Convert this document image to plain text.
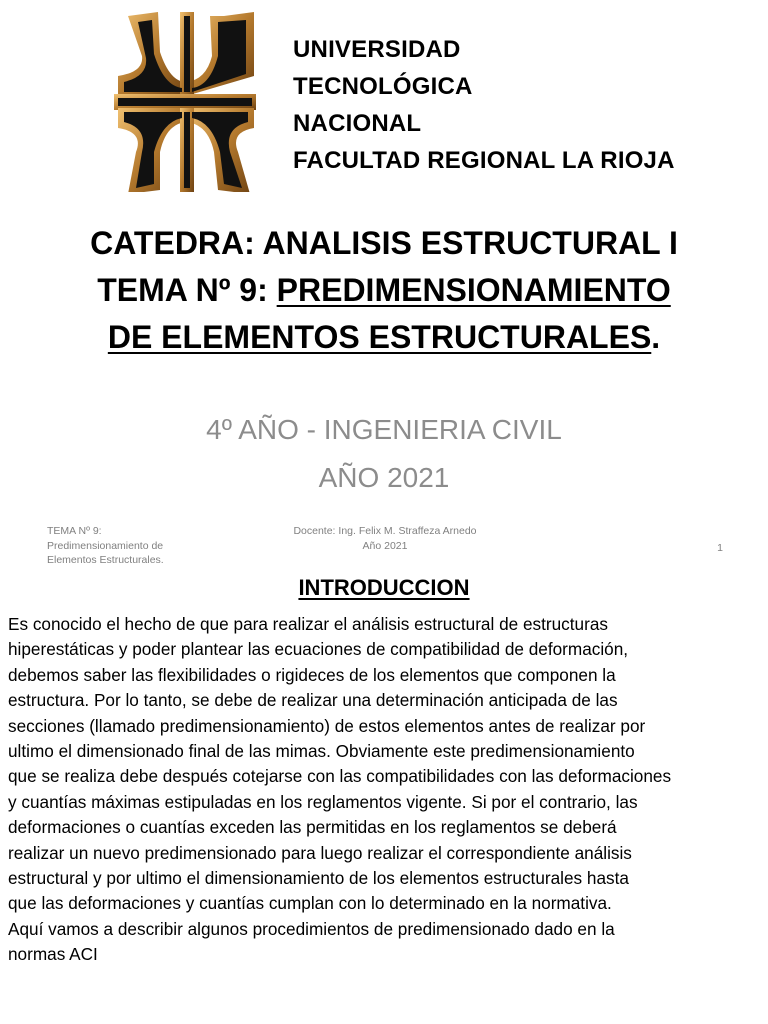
UNIVERSIDAD
TECNOLÓGICA
NACIONAL
FACULTAD REGIONAL LA RIOJA
CATEDRA: ANALISIS ESTRUCTURAL I
TEMA Nº 9: PREDIMENSIONAMIENTO
DE ELEMENTOS ESTRUCTURALES.
4º AÑO - INGENIERIA CIVIL
AÑO 2021
TEMA Nº 9:
Predimensionamiento de
Elementos Estructurales.
Docente: Ing. Felix M. Straffeza Arnedo
Año 2021	1
INTRODUCCION
Es conocido el hecho de que para realizar el análisis estructural de estructuras
hiperestáticas y poder plantear las ecuaciones de compatibilidad de deformación,
debemos saber las flexibilidades o rigideces de los elementos que componen la
estructura. Por lo tanto, se debe de realizar una determinación anticipada de las
secciones (llamado predimensionamiento) de estos elementos antes de realizar por
ultimo el dimensionado final de las mimas. Obviamente este predimensionamiento
que se realiza debe después cotejarse con las compatibilidades con las deformaciones
y cuantías máximas estipuladas en los reglamentos vigente. Si por el contrario, las
deformaciones o cuantías exceden las permitidas en los reglamentos se deberá
realizar un nuevo predimensionado para luego realizar el correspondiente análisis
estructural y por ultimo el dimensionamiento de los elementos estructurales hasta
que las deformaciones y cuantías cumplan con lo determinado en la normativa.
Aquí vamos a describir algunos procedimientos de predimensionado dado en la
normas ACI
